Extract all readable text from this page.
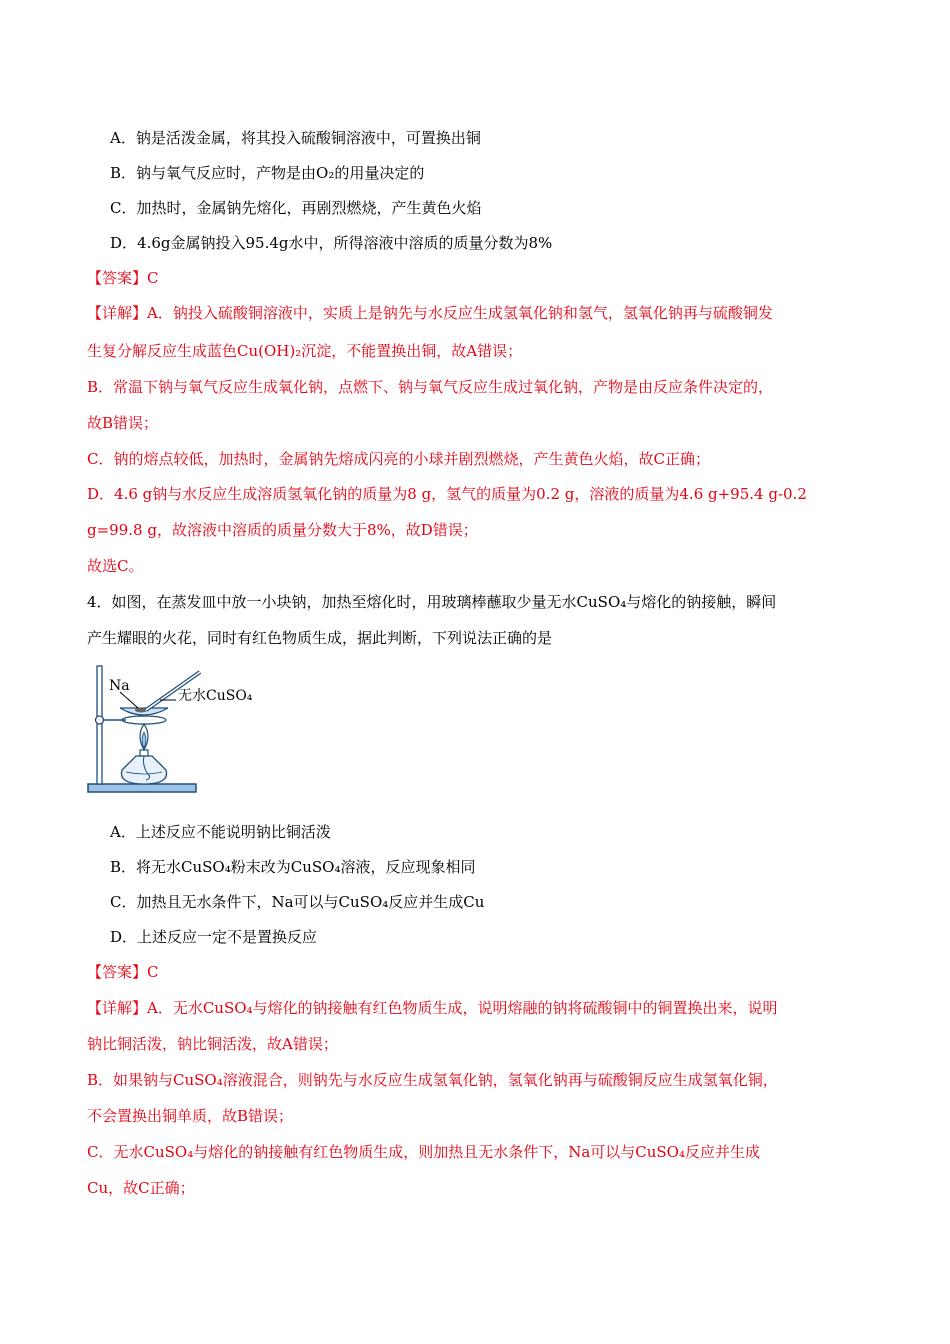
A．钠是活泼金属，将其投入硫酸铜溶液中，可置换出铜
B．钠与氧气反应时，产物是由O₂的用量决定的
C．加热时，金属钠先熔化，再剧烈燃烧，产生黄色火焰
D．4.6g金属钠投入95.4g水中，所得溶液中溶质的质量分数为8%
【答案】C
【详解】A．钠投入硫酸铜溶液中，实质上是钠先与水反应生成氢氧化钠和氢气，氢氧化钠再与硫酸铜发
生复分解反应生成蓝色Cu(OH)₂沉淀，不能置换出铜，故A错误；
B．常温下钠与氧气反应生成氧化钠，点燃下、钠与氧气反应生成过氧化钠，产物是由反应条件决定的，
故B错误；
C．钠的熔点较低，加热时，金属钠先熔成闪亮的小球并剧烈燃烧，产生黄色火焰，故C正确；
D．4.6 g钠与水反应生成溶质氢氧化钠的质量为8 g，氢气的质量为0.2 g，溶液的质量为4.6 g+95.4 g-0.2
g=99.8 g，故溶液中溶质的质量分数大于8%，故D错误；
故选C。
4．如图，在蒸发皿中放一小块钠，加热至熔化时，用玻璃棒蘸取少量无水CuSO₄与熔化的钠接触，瞬间
产生耀眼的火花，同时有红色物质生成，据此判断，下列说法正确的是
Na
无水CuSO₄
A．上述反应不能说明钠比铜活泼
B．将无水CuSO₄粉末改为CuSO₄溶液，反应现象相同
C．加热且无水条件下，Na可以与CuSO₄反应并生成Cu
D．上述反应一定不是置换反应
【答案】C
【详解】A．无水CuSO₄与熔化的钠接触有红色物质生成，说明熔融的钠将硫酸铜中的铜置换出来，说明
钠比铜活泼，钠比铜活泼，故A错误；
B．如果钠与CuSO₄溶液混合，则钠先与水反应生成氢氧化钠，氢氧化钠再与硫酸铜反应生成氢氧化铜，
不会置换出铜单质，故B错误；
C．无水CuSO₄与熔化的钠接触有红色物质生成，则加热且无水条件下，Na可以与CuSO₄反应并生成
Cu，故C正确；
